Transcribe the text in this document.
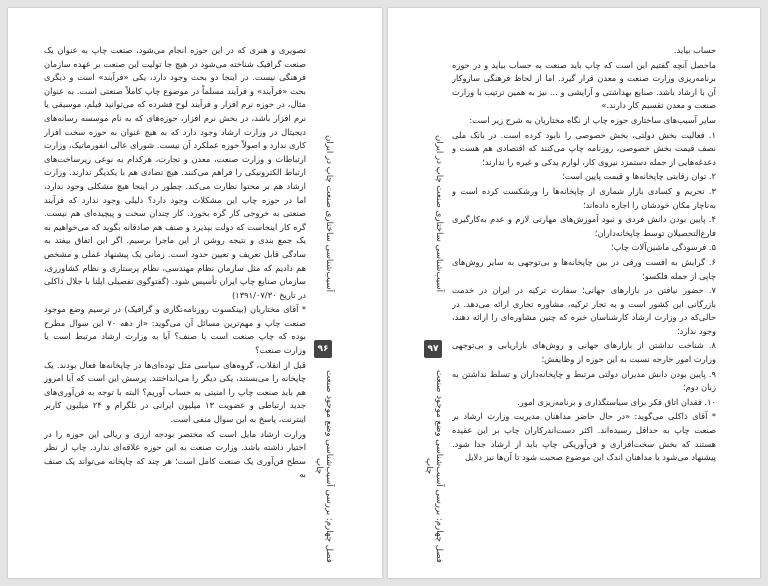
تصویری و هنری که در این حوزه انجام می‌شود، صنعت چاپ به عنوان یک صنعت گرافیک شناخته می‌شود در هیچ جا تولیت این صنعت بر عهده سازمان فرهنگی نیست. در اینجا دو بحث وجود دارد، یکی «فرآیند» است و دیگری بحث «فرآیند» و فرآیند مسلماً در موضوع چاپ کاملاً صنعتی است. به عنوان مثال، در حوزه نرم افزار و فرآیند لوح فشرده که می‌توانید فیلم، موسیقی یا نرم افزار باشد، در بخش نرم افزار، حوزه‌های که به نام موسسه رسانه‌های دیجیتال در وزارت ارشاد وجود دارد که به هیچ عنوان به حوزه سخت افزار کاری ندارد و اصولاً حوزه عملکرد آن نیست. شورای عالی انفورماتیک، وزارت ارتباطات و وزارت صنعت، معدن و تجارت، هرکدام به نوعی زیرساخت‌های ارتباط الکترونیکی را فراهم می‌کنند. هیچ تضادی هم با یکدیگر ندارند. وزارت ارشاد هم بر محتوا نظارت می‌کند. چطور در اینجا هیچ مشکلی وجود ندارد، اما در حوزه چاپ این مشکلات وجود دارد؟ دلیلی وجود ندارد که فرآیند صنعتی به خروجی کار گره بخورد. کار چندان سخت و پیچیده‌ای هم نیست. گره کار اینجاست که دولت بپذیرد و صنف هم صادقانه بگوید که می‌خواهیم به یک جمع بندی و نتیجه روشن از این ماجرا برسیم. اگر این اتفاق بیفتد به سادگی قابل تعریف و تعیین حدود است. زمانی یک پیشنهاد عملی و مشخص هم دادیم که مثل سازمان نظام مهندسی، نظام پرستاری و نظام کشاورزی، سازمان صنایع چاپ ایران تأسیس شود. (گفتوگوی تفصیلی ایلنا با جلال ذاکلی در تاریخ ۱۳۹۱/۰۷/۳۰)

* آقای مختاریان (بینکسوت روزنامه‌نگاری و گرافیک) در ترسیم وضع موجود صنعت چاپ و مهم‌ترین مسائل آن می‌گوید: «از دهه ۷۰ این سوال مطرح بوده که چاپ صنعت است یا صنف؟ آیا به وزارت ارشاد مرتبط است یا وزارت صنعت؟

قبل از انقلاب، گروه‌های سیاسی مثل توده‌ای‌ها در چاپخانه‌ها فعال بودند. یک چاپخانه را می‌بستند، یکی دیگر را می‌انداختند. پرسش این است که آیا امروز هم باید صنعت چاپ را امنیتی به حساب آوریم؟ البته با توجه به فن‌آوری‌های جدید ارتباطی و عضویت ۱۳ میلیون ایرانی در تلگرام و ۲۴ میلیون کاربر اینترنت، پاسخ به این سوال منفی است.

وزارت ارشاد مایل است که مختصر بودجه ارزی و ریالی این حوزه را در اختیار داشته باشد. وزارت صنعت به این حوزه علاقه‌ای ندارد. چاپ از نظر سطح فن‌آوری یک صنعت کامل است؛ هر چند که چاپخانه می‌تواند یک صنف به

آسیب‌شناسی ساختاری صنعت چاپ در ایران
۹۶
فصل چهارم: بررسی آسیب‌شناسی وضع موجود صنعت چاپ

حساب بیاید.

ماحصل آنچه گفتیم این است که چاپ باید صنعت به حساب بیاید و در حوزه برنامه‌ریزی وزارت صنعت و معدن قرار گیرد. اما از لحاظ فرهنگی سازوکار آن با ارشاد باشد. صنایع بهداشتی و آرایشی و ... نیز به همین ترتیب با وزارت صنعت و معدن تقسیم کار دارند.»

سایر آسیب‌های ساختاری حوزه چاپ از نگاه مختاریان به شرح زیر است:

۱. فعالیت بخش دولتی، بخش خصوصی را نابود کرده است. در بانک ملی نصف قیمت بخش خصوصی، روزنامه چاپ می‌کنند که اقتصادی هم هست و دعدغه‌هایی از جمله دستمزد نیروی کار، لوازم یدکی و غیره را ندارند؛

۲. توان رقابتی چاپخانه‌ها و قیمت پایین است؛

۳. تحریم و کسادی بازار شماری از چاپخانه‌ها را ورشکست کرده است و به‌ناچار مکان خودشان را اجاره داده‌اند؛

۴. پایین بودن دانش فردی و نبود آموزش‌های مهارتی لازم و عدم به‌کارگیری فارغ‌التحصیلان توسط چاپخانه‌داران؛

۵. فرسودگی ماشین‌آلات چاپ؛

۶. گرایش به افست ورقی در بین چاپخانه‌ها و بی‌توجهی به سایر روش‌های چاپی از جمله فلکسو؛

۷. حضور نیافتن در بازارهای جهانی؛ سفارت ترکیه در ایران در خدمت بازرگانی این کشور است و به تجار ترکیه، مشاوره تجاری ارائه می‌دهد. در حالی‌که در وزارت ارشاد کارشناسان خبره که چنین مشاوره‌ای را ارائه دهند، وجود ندارد؛

۸. شناخت نداشتن از بازارهای جهانی و روش‌های بازاریابی و بی‌توجهی وزارت امور خارجه نسبت به این حوزه از وظایفش؛

۹. پایین بودن دانش مدیران دولتی مرتبط و چاپخانه‌داران و تسلط نداشتن به زبان دوم؛

۱۰. فقدان اتاق فکر برای سیاستگذاری و برنامه‌ریزی امور.

* آقای ذاکلی می‌گوید: «در حال حاضر مداهنان مدیریت وزارت ارشاد بر صنعت چاپ به حداقل رسیده‌اند. اکثر دست‌اندرکاران چاپ بر این عقیده هستند که بخش سخت‌افزاری و فن‌آوریکی چاپ باید از ارشاد جدا شود. پیشنهاد می‌شود با مداهنان اندک این موضوع صحبت شود تا آن‌ها نیز دلایل

آسیب‌شناسی ساختاری صنعت چاپ در ایران
۹۷
فصل چهارم: بررسی آسیب‌شناسی وضع موجود صنعت چاپ
